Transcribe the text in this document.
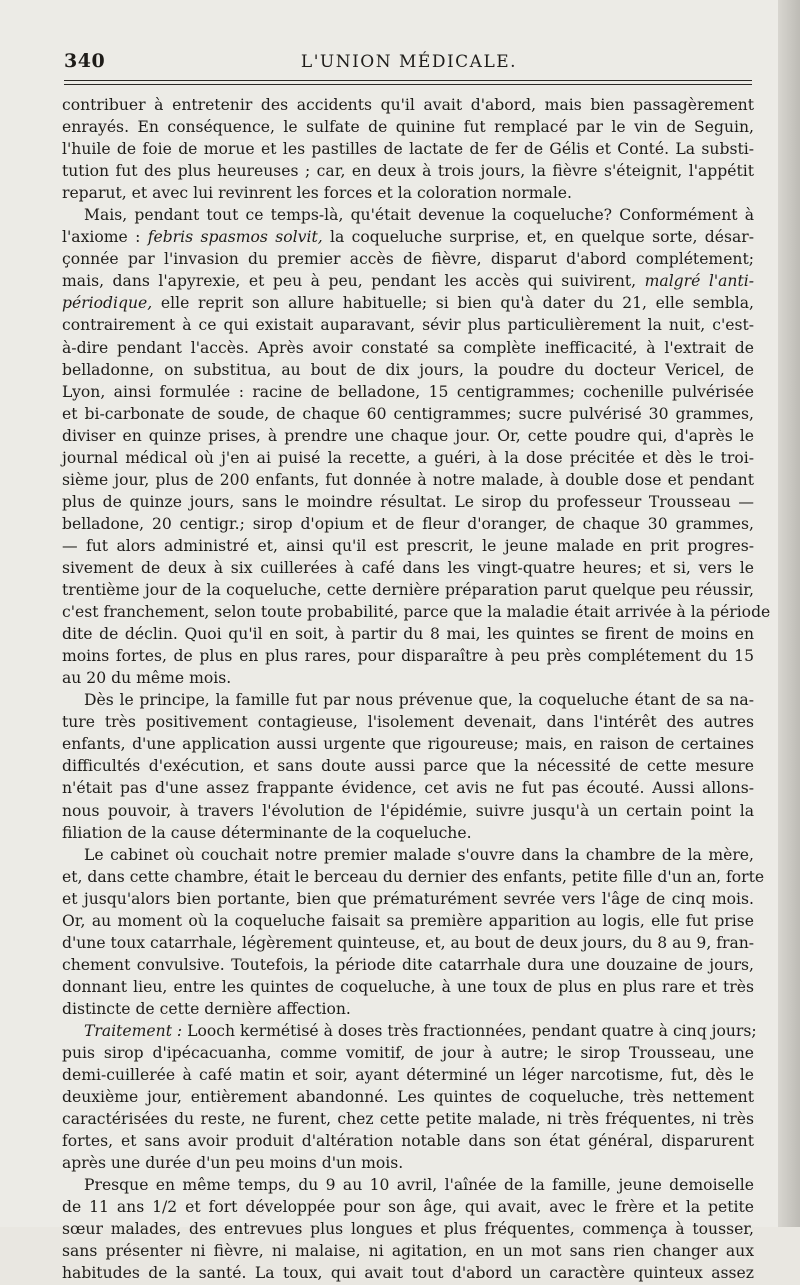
340	L'UNION MÉDICALE.
contribuer à entretenir des accidents qu'il avait d'abord, mais bien passagèrement
enrayés. En conséquence, le sulfate de quinine fut remplacé par le vin de Seguin,
l'huile de foie de morue et les pastilles de lactate de fer de Gélis et Conté. La substi-
tution fut des plus heureuses ; car, en deux à trois jours, la fièvre s'éteignit, l'appétit
reparut, et avec lui revinrent les forces et la coloration normale.
Mais, pendant tout ce temps-là, qu'était devenue la coqueluche? Conformément à
l'axiome : febris spasmos solvit, la coqueluche surprise, et, en quelque sorte, désar-
çonnée par l'invasion du premier accès de fièvre, disparut d'abord complétement;
mais, dans l'apyrexie, et peu à peu, pendant les accès qui suivirent, malgré l'anti-
périodique, elle reprit son allure habituelle; si bien qu'à dater du 21, elle sembla,
contrairement à ce qui existait auparavant, sévir plus particulièrement la nuit, c'est-
à-dire pendant l'accès. Après avoir constaté sa complète inefficacité, à l'extrait de
belladonne, on substitua, au bout de dix jours, la poudre du docteur Vericel, de
Lyon, ainsi formulée : racine de belladone, 15 centigrammes; cochenille pulvérisée
et bi-carbonate de soude, de chaque 60 centigrammes; sucre pulvérisé 30 grammes,
diviser en quinze prises, à prendre une chaque jour. Or, cette poudre qui, d'après le
journal médical où j'en ai puisé la recette, a guéri, à la dose précitée et dès le troi-
sième jour, plus de 200 enfants, fut donnée à notre malade, à double dose et pendant
plus de quinze jours, sans le moindre résultat. Le sirop du professeur Trousseau —
belladone, 20 centigr.; sirop d'opium et de fleur d'oranger, de chaque 30 grammes,
— fut alors administré et, ainsi qu'il est prescrit, le jeune malade en prit progres-
sivement de deux à six cuillerées à café dans les vingt-quatre heures; et si, vers le
trentième jour de la coqueluche, cette dernière préparation parut quelque peu réussir,
c'est franchement, selon toute probabilité, parce que la maladie était arrivée à la période
dite de déclin. Quoi qu'il en soit, à partir du 8 mai, les quintes se firent de moins en
moins fortes, de plus en plus rares, pour disparaître à peu près complétement du 15
au 20 du même mois.
Dès le principe, la famille fut par nous prévenue que, la coqueluche étant de sa na-
ture très positivement contagieuse, l'isolement devenait, dans l'intérêt des autres
enfants, d'une application aussi urgente que rigoureuse; mais, en raison de certaines
difficultés d'exécution, et sans doute aussi parce que la nécessité de cette mesure
n'était pas d'une assez frappante évidence, cet avis ne fut pas écouté. Aussi allons-
nous pouvoir, à travers l'évolution de l'épidémie, suivre jusqu'à un certain point la
filiation de la cause déterminante de la coqueluche.
Le cabinet où couchait notre premier malade s'ouvre dans la chambre de la mère,
et, dans cette chambre, était le berceau du dernier des enfants, petite fille d'un an, forte
et jusqu'alors bien portante, bien que prématurément sevrée vers l'âge de cinq mois.
Or, au moment où la coqueluche faisait sa première apparition au logis, elle fut prise
d'une toux catarrhale, légèrement quinteuse, et, au bout de deux jours, du 8 au 9, fran-
chement convulsive. Toutefois, la période dite catarrhale dura une douzaine de jours,
donnant lieu, entre les quintes de coqueluche, à une toux de plus en plus rare et très
distincte de cette dernière affection.
Traitement : Looch kermétisé à doses très fractionnées, pendant quatre à cinq jours;
puis sirop d'ipécacuanha, comme vomitif, de jour à autre; le sirop Trousseau, une
demi-cuillerée à café matin et soir, ayant déterminé un léger narcotisme, fut, dès le
deuxième jour, entièrement abandonné. Les quintes de coqueluche, très nettement
caractérisées du reste, ne furent, chez cette petite malade, ni très fréquentes, ni très
fortes, et sans avoir produit d'altération notable dans son état général, disparurent
après une durée d'un peu moins d'un mois.
Presque en même temps, du 9 au 10 avril, l'aînée de la famille, jeune demoiselle
de 11 ans 1/2 et fort développée pour son âge, qui avait, avec le frère et la petite
sœur malades, des entrevues plus longues et plus fréquentes, commença à tousser,
sans présenter ni fièvre, ni malaise, ni agitation, en un mot sans rien changer aux
habitudes de la santé. La toux, qui avait tout d'abord un caractère quinteux assez
